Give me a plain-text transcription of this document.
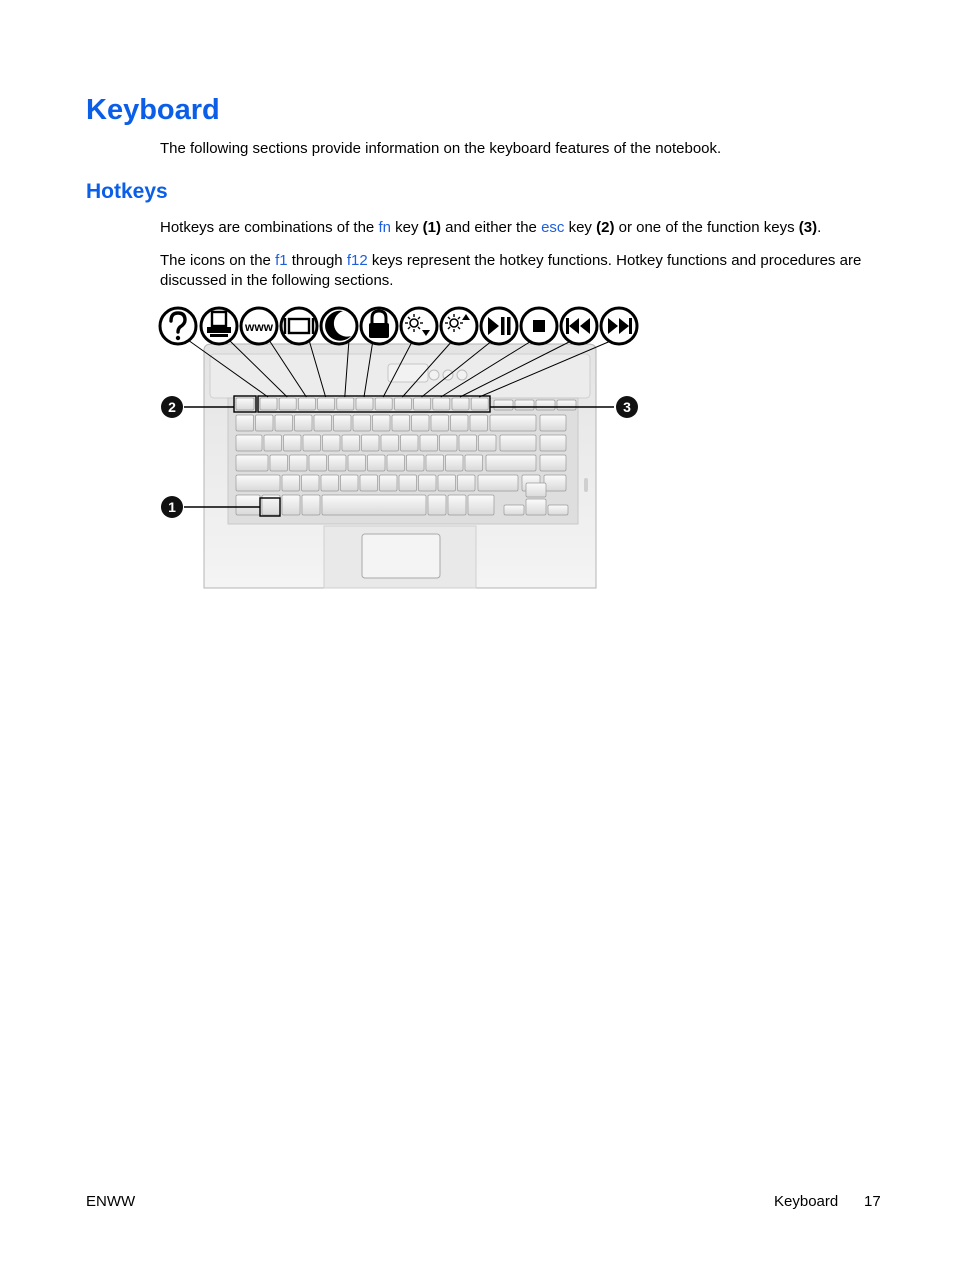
Keyboard

The following sections provide information on the keyboard features of the notebook.

Hotkeys

Hotkeys are combinations of the fn key (1) and either the esc key (2) or one of the function keys (3).

The icons on the f1 through f12 keys represent the hotkey functions. Hotkey functions and procedures are discussed in the following sections.

2	3
1
www
ENWW	Keyboard 17
